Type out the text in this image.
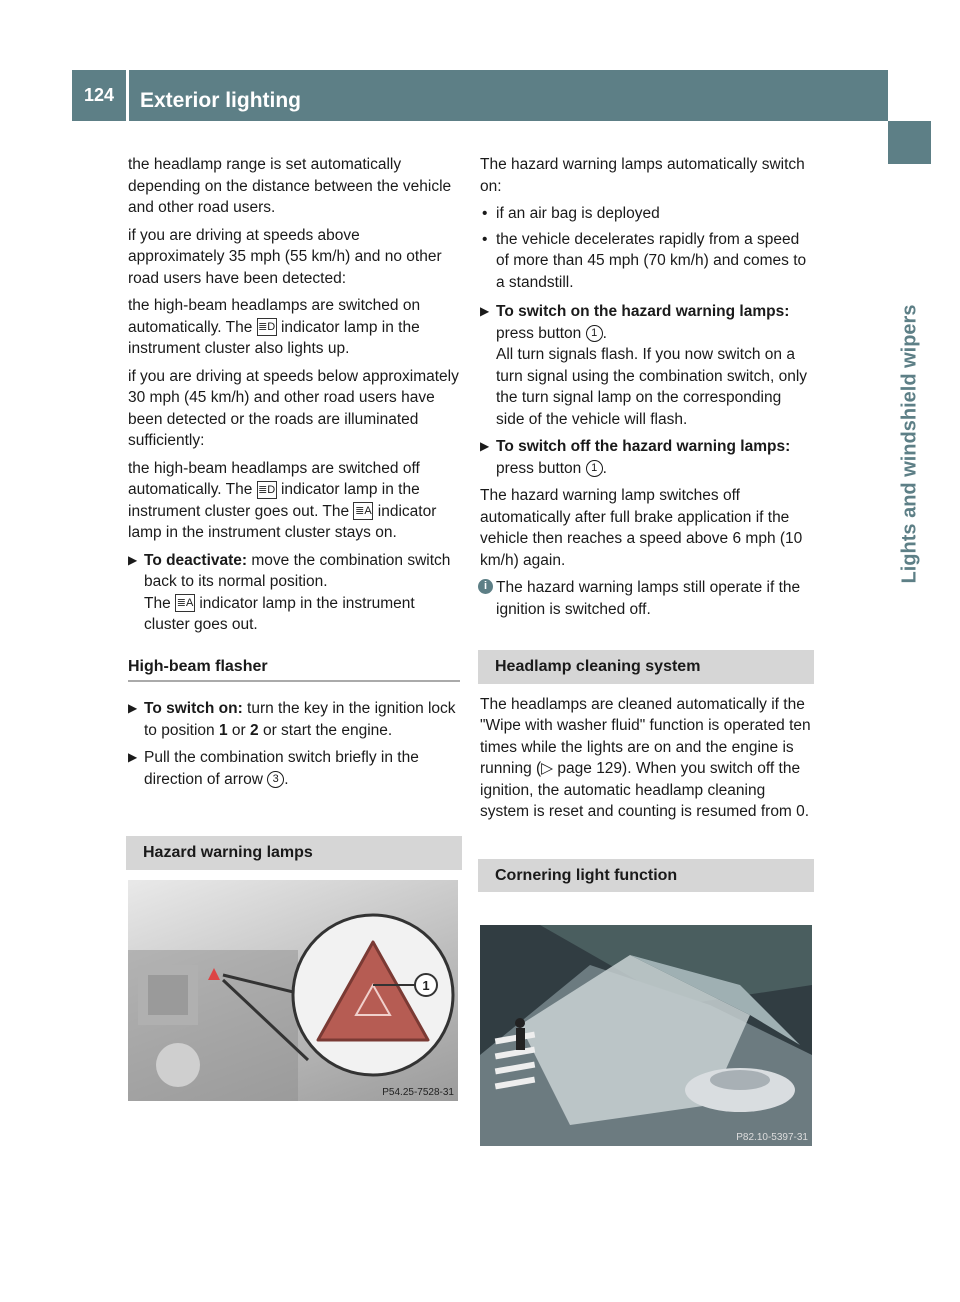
124	Exterior lighting
Lights and windshield wipers

the headlamp range is set automatically depending on the distance between the vehicle and other road users.

if you are driving at speeds above approximately 35 mph (55 km/h) and no other road users have been detected:

the high-beam headlamps are switched on automatically. The ≣D indicator lamp in the instrument cluster also lights up.

if you are driving at speeds below approximately 30 mph (45 km/h) and other road users have been detected or the roads are illuminated sufficiently:

the high-beam headlamps are switched off automatically. The ≣D indicator lamp in the instrument cluster goes out. The ≣A indicator lamp in the instrument cluster stays on.

▶ To deactivate: move the combination switch back to its normal position.
The ≣A indicator lamp in the instrument cluster goes out.
High-beam flasher
▶ To switch on: turn the key in the ignition lock to position 1 or 2 or start the engine.
▶ Pull the combination switch briefly in the direction of arrow 3 .
Hazard warning lamps
1
P54.25-7528-31

The hazard warning lamps automatically switch on:

• if an air bag is deployed
• the vehicle decelerates rapidly from a speed of more than 45 mph (70 km/h) and comes to a standstill.
▶ To switch on the hazard warning lamps: press button 1 .
All turn signals flash. If you now switch on a turn signal using the combination switch, only the turn signal lamp on the corresponding side of the vehicle will flash.
▶ To switch off the hazard warning lamps: press button 1 .

The hazard warning lamp switches off automatically after full brake application if the vehicle then reaches a speed above 6 mph (10 km/h) again.

i The hazard warning lamps still operate if the ignition is switched off.
Headlamp cleaning system

The headlamps are cleaned automatically if the "Wipe with washer fluid" function is operated ten times while the lights are on and the engine is running (▷ page 129). When you switch off the ignition, the automatic headlamp cleaning system is reset and counting is resumed from 0.

Cornering light function
P82.10-5397-31
